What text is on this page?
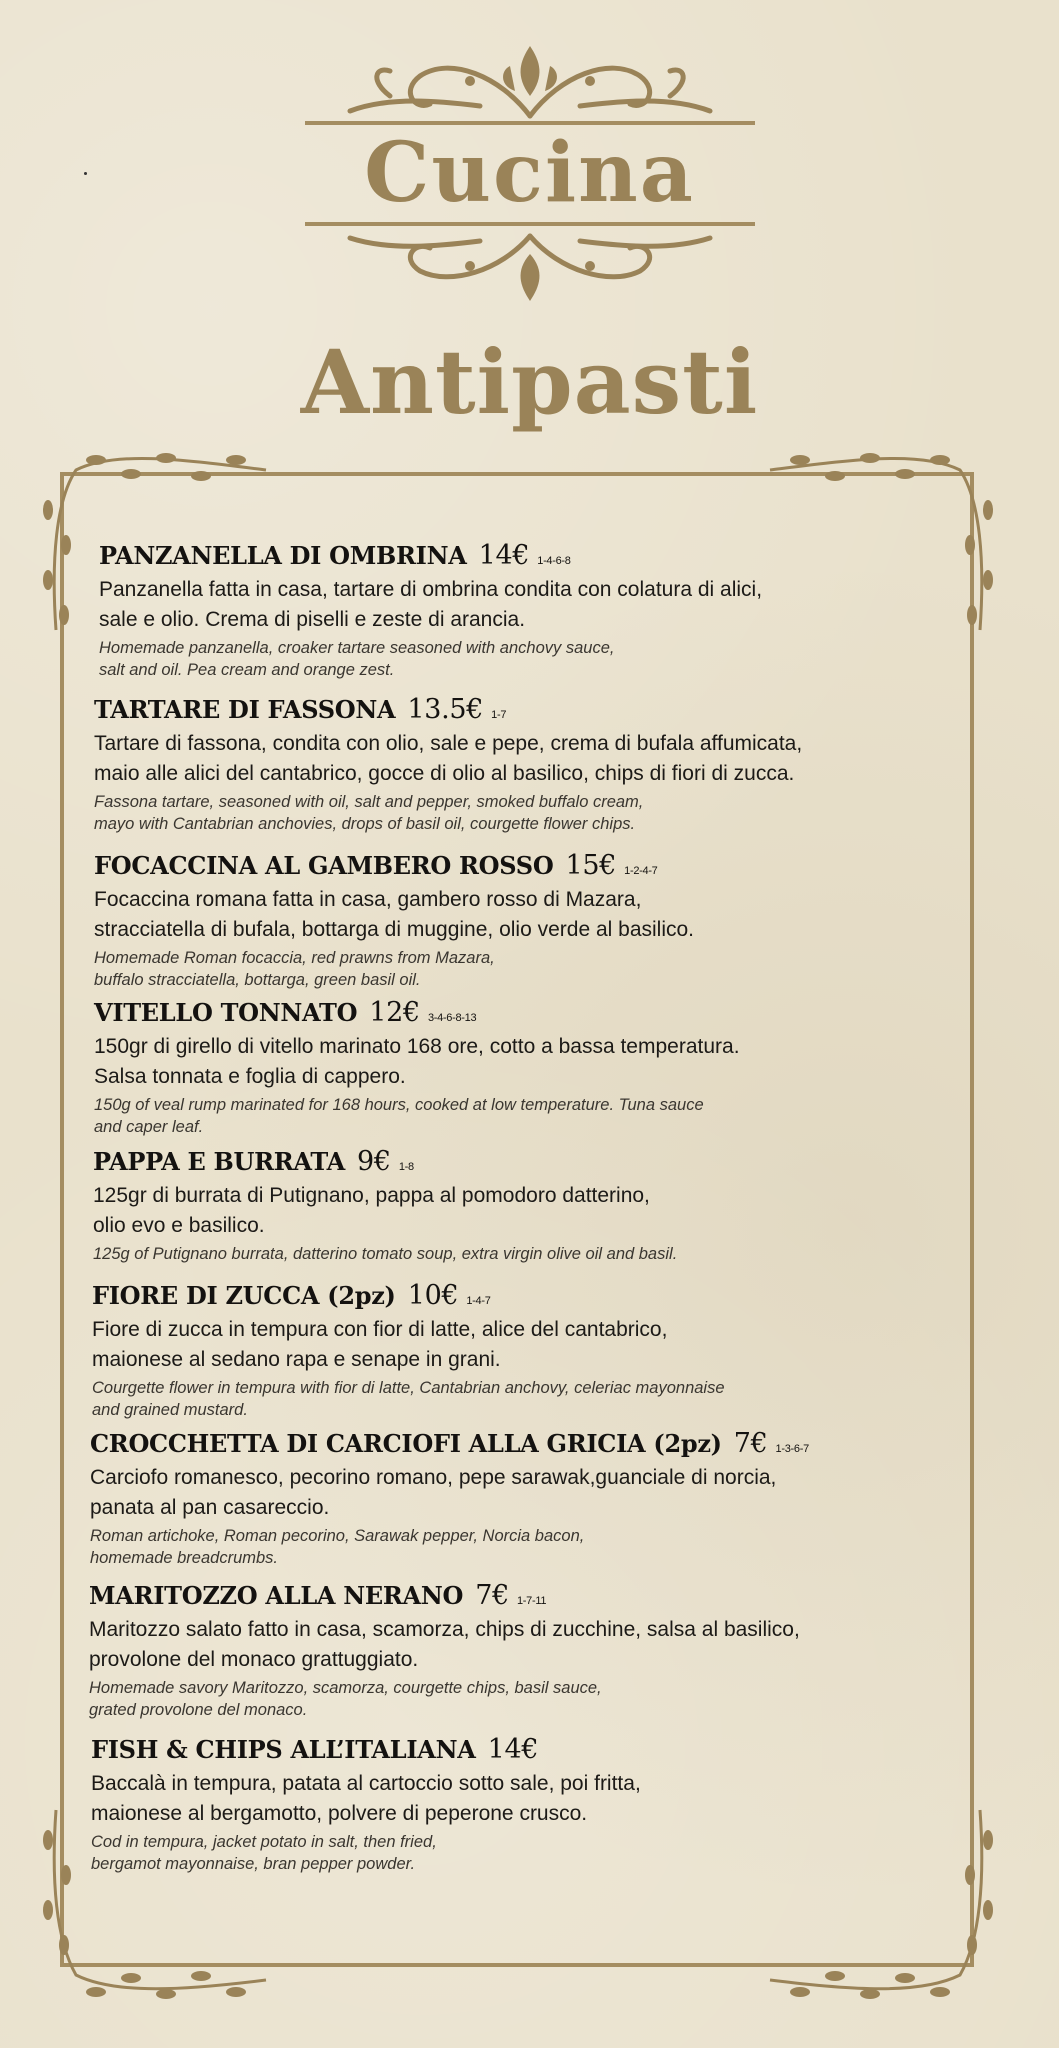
Cucina
Antipasti
PANZANELLA DI OMBRINA 14€ 1-4-6-8
Panzanella fatta in casa, tartare di ombrina condita con colatura di alici,
sale e olio. Crema di piselli e zeste di arancia.
Homemade panzanella, croaker tartare seasoned with anchovy sauce,
salt and oil. Pea cream and orange zest.
TARTARE DI FASSONA 13.5€ 1-7
Tartare di fassona, condita con olio, sale e pepe, crema di bufala affumicata,
maio alle alici del cantabrico, gocce di olio al basilico, chips di fiori di zucca.
Fassona tartare, seasoned with oil, salt and pepper, smoked buffalo cream,
mayo with Cantabrian anchovies, drops of basil oil, courgette flower chips.
FOCACCINA AL GAMBERO ROSSO 15€ 1-2-4-7
Focaccina romana fatta in casa, gambero rosso di Mazara,
stracciatella di bufala, bottarga di muggine, olio verde al basilico.
Homemade Roman focaccia, red prawns from Mazara,
buffalo stracciatella, bottarga, green basil oil.
VITELLO TONNATO 12€ 3-4-6-8-13
150gr di girello di vitello marinato 168 ore, cotto a bassa temperatura.
Salsa tonnata e foglia di cappero.
150g of veal rump marinated for 168 hours, cooked at low temperature. Tuna sauce
and caper leaf.
PAPPA E BURRATA 9€ 1-8
125gr di burrata di Putignano, pappa al pomodoro datterino,
olio evo e basilico.
125g of Putignano burrata, datterino tomato soup, extra virgin olive oil and basil.
FIORE DI ZUCCA (2pz) 10€ 1-4-7
Fiore di zucca in tempura con fior di latte, alice del cantabrico,
maionese al sedano rapa e senape in grani.
Courgette flower in tempura with fior di latte, Cantabrian anchovy, celeriac mayonnaise
and grained mustard.
CROCCHETTA DI CARCIOFI ALLA GRICIA (2pz) 7€ 1-3-6-7
Carciofo romanesco, pecorino romano, pepe sarawak,guanciale di norcia,
panata al pan casareccio.
Roman artichoke, Roman pecorino, Sarawak pepper, Norcia bacon,
homemade breadcrumbs.
MARITOZZO ALLA NERANO 7€ 1-7-11
Maritozzo salato fatto in casa, scamorza, chips di zucchine, salsa al basilico,
provolone del monaco grattuggiato.
Homemade savory Maritozzo, scamorza, courgette chips, basil sauce,
grated provolone del monaco.
FISH & CHIPS ALL’ITALIANA 14€
Baccalà in tempura, patata al cartoccio sotto sale, poi fritta,
maionese al bergamotto, polvere di peperone crusco.
Cod in tempura, jacket potato in salt, then fried,
bergamot mayonnaise, bran pepper powder.
